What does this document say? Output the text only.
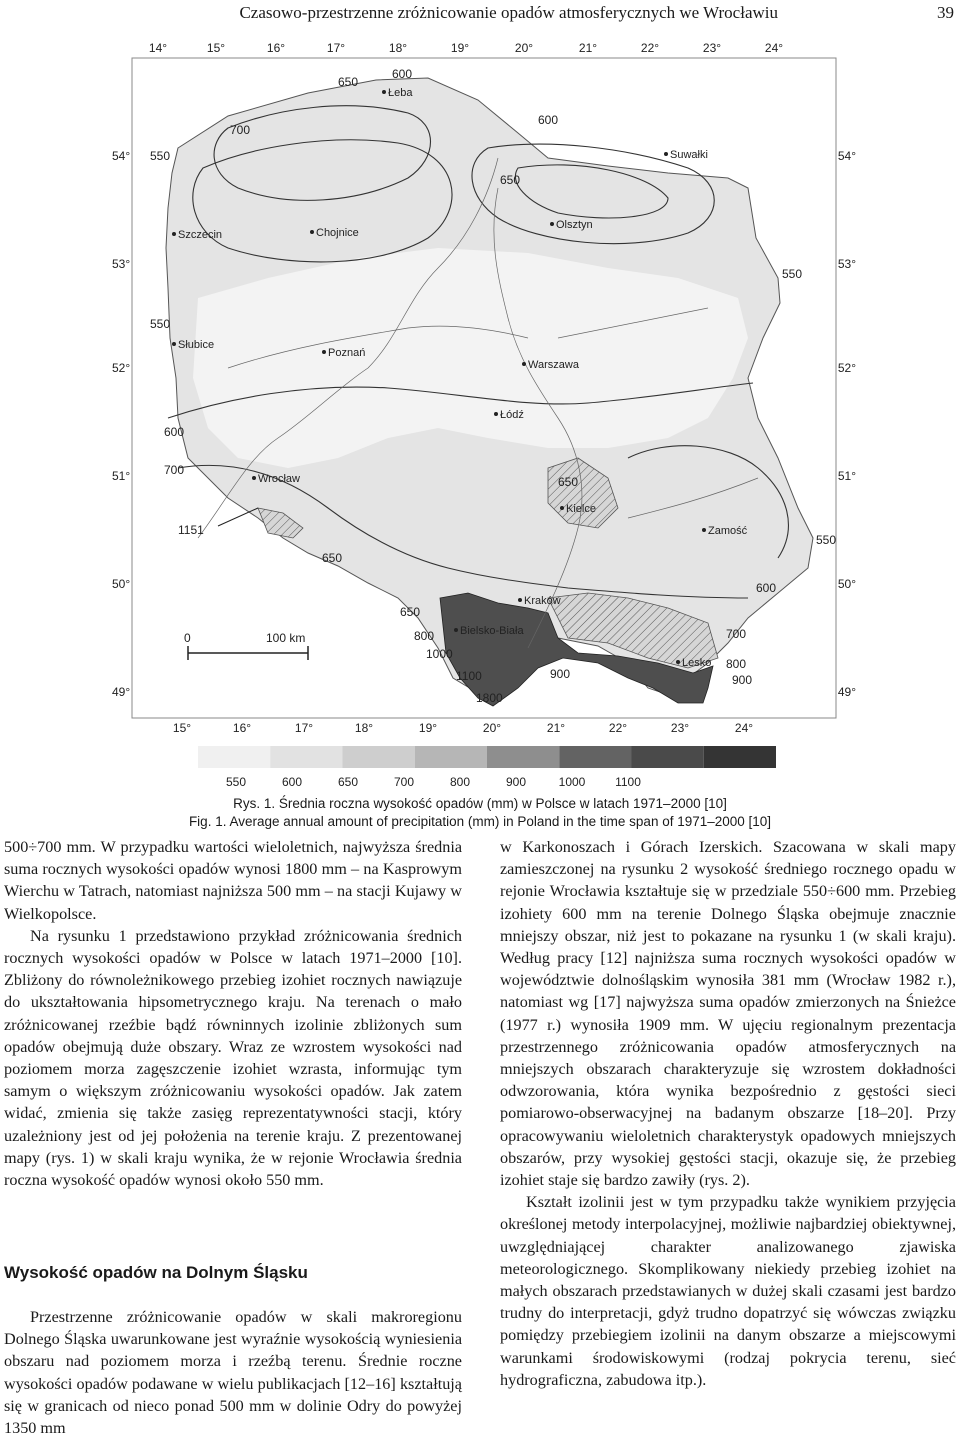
Czasowo-przestrzenne zróżnicowanie opadów atmosferycznych we Wrocławiu	39
0	100 km
14°	15°	16°	17°	18°	19°	20°	21°	22°	23°	24°
15°	16°	17°	18°	19°	20°	21°	22°	23°	24°
54°
53°
52°
51°
50°
49°
54°
53°
52°
51°
50°
49°
Łeba
Suwałki
Chojnice
Olsztyn
Szczecin
Słubice
Poznań
Warszawa
Łódź
Wrocław
Kielce
Zamość
Kraków
Bielsko-Biała
Lesko
650
600
700
550
600
650
550
550
600
700
650
1151
650
550
600
650
800
1000
1100
1800
900
700
800
900
550	600	650	700	800	900	1000 1100
Rys. 1. Średnia roczna wysokość opadów (mm) w Polsce w latach 1971–2000 [10]
Fig. 1. Average annual amount of precipitation (mm) in Poland in the time span of 1971–2000 [10]

500÷700 mm. W przypadku wartości wieloletnich, najwyższa średnia suma rocznych wysokości opadów wynosi 1800 mm – na Kasprowym Wierchu w Tatrach, natomiast najniższa 500 mm – na stacji Kujawy w Wielkopolsce.

Na rysunku 1 przedstawiono przykład zróżnicowania średnich rocznych wysokości opadów w Polsce w latach 1971–2000 [10]. Zbliżony do równoleżnikowego przebieg izohiet rocznych nawiązuje do ukształtowania hipsometrycznego kraju. Na terenach o mało zróżnicowanej rzeźbie bądź równinnych izolinie zbliżonych sum opadów obejmują duże obszary. Wraz ze wzrostem wysokości nad poziomem morza zagęszczenie izohiet wzrasta, informując tym samym o większym zróżnicowaniu wysokości opadów. Jak zatem widać, zmienia się także zasięg reprezentatywności stacji, który uzależniony jest od jej położenia na terenie kraju. Z prezentowanej mapy (rys. 1) w skali kraju wynika, że w rejonie Wrocławia średnia roczna wysokość opadów wynosi około 550 mm.

Wysokość opadów na Dolnym Śląsku

Przestrzenne zróżnicowanie opadów w skali makroregionu Dolnego Śląska uwarunkowane jest wyraźnie wysokością wyniesienia obszaru nad poziomem morza i rzeźbą terenu. Średnie roczne wysokości opadów podawane w wielu publikacjach [12–16] kształtują się w granicach od nieco ponad 500 mm w dolinie Odry do powyżej 1350 mm

w Karkonoszach i Górach Izerskich. Szacowana w skali mapy zamieszczonej na rysunku 2 wysokość średniego rocznego opadu w rejonie Wrocławia kształtuje się w przedziale 550÷600 mm. Przebieg izohiety 600 mm na terenie Dolnego Śląska obejmuje znacznie mniejszy obszar, niż jest to pokazane na rysunku 1 (w skali kraju). Według pracy [12] najniższa suma rocznych wysokości opadów w województwie dolnośląskim wynosiła 381 mm (Wrocław 1982 r.), natomiast wg [17] najwyższa suma opadów zmierzonych na Śnieżce (1977 r.) wynosiła 1909 mm. W ujęciu regionalnym prezentacja przestrzennego zróżnicowania opadów atmosferycznych na mniejszych obszarach charakteryzuje się wzrostem dokładności odwzorowania, która wynika bezpośrednio z gęstości sieci pomiarowo-obserwacyjnej na badanym obszarze [18–20]. Przy opracowywaniu wieloletnich charakterystyk opadowych mniejszych obszarów, przy wysokiej gęstości stacji, okazuje się, że przebieg izohiet staje się bardzo zawiły (rys. 2).

Kształt izolinii jest w tym przypadku także wynikiem przyjęcia określonej metody interpolacyjnej, możliwie najbardziej obiektywnej, uwzględniającej charakter analizowanego zjawiska meteorologicznego. Skomplikowany niekiedy przebieg izohiet na małych obszarach przedstawianych w dużej skali czasami jest bardzo trudny do interpretacji, gdyż trudno dopatrzyć się wówczas związku pomiędzy przebiegiem izolinii na danym obszarze a miejscowymi warunkami środowiskowymi (rodzaj pokrycia terenu, sieć hydrograficzna, zabudowa itp.).
